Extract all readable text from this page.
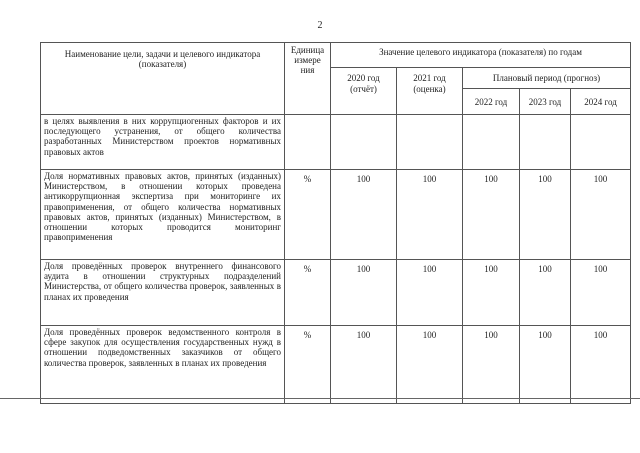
2
Наименование цели, задачи и целевого индикатора (показателя)	Единица измере ния	Значение целевого индикатора (показателя) по годам				
		2020 год (отчёт)	2021 год (оценка)	Плановый период (прогноз)		
				2022 год	2023 год	2024 год
в целях выявления в них коррупциогенных факторов и их последующего устранения, от общего количества разработанных Министерством проектов нормативных правовых актов						
Доля нормативных правовых актов, принятых (изданных) Министерством, в отношении которых проведена антикоррупционная экспертиза при мониторинге их правоприменения, от общего количества нормативных правовых актов, принятых (изданных) Министерством, в отношении которых проводится мониторинг правоприменения	%	100	100	100	100	100
Доля проведённых проверок внутреннего финансового аудита в отношении структурных подразделений Министерства, от общего количества проверок, заявленных в планах их проведения	%	100	100	100	100	100
Доля проведённых проверок ведомственного контроля в сфере закупок для осуществления государственных нужд в отношении подведомственных заказчиков от общего количества проверок, заявленных в планах их проведения	%	100	100	100	100	100
